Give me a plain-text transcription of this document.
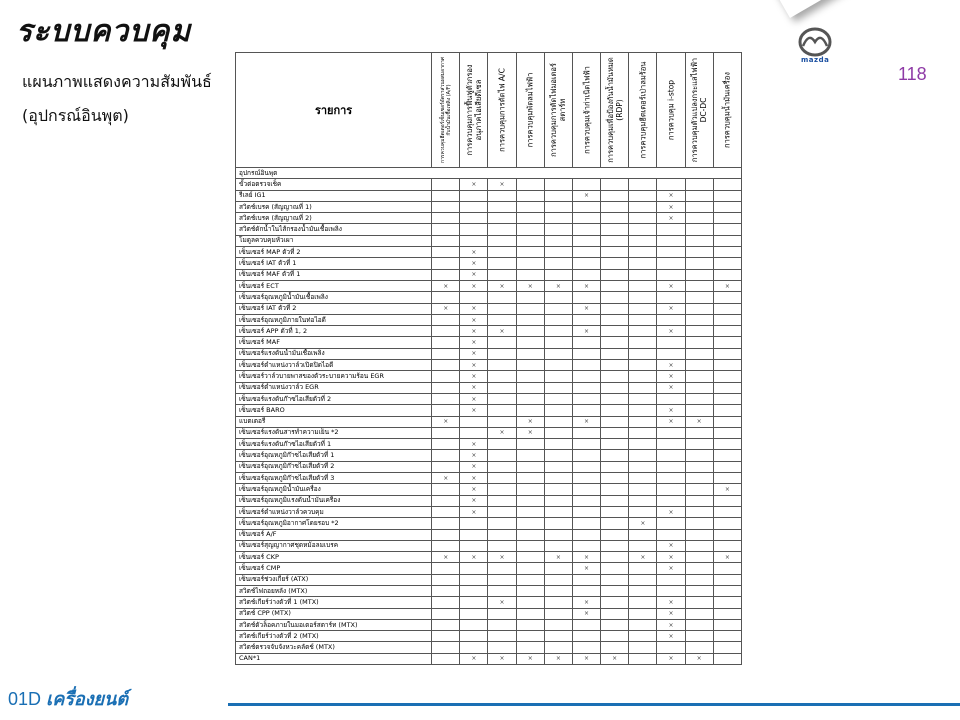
mazda
118
ระบบควบคุม
แผนภาพแสดงความสัมพันธ์
(อุปกรณ์อินพุต)	รายการ	การควบคุมฮีตเตอร์เซ็นเซอร์อัตราส่วนผสมอากาศกับน้ำมันเชื้อเพลิง (A/F)	การควบคุมการฟื้นฟูตัวกรองอนุภาคไอเสียดีเซล	การควบคุมการตัดไฟ A/C	การควบคุมพัดลมไฟฟ้า	การควบคุมการตัดไฟมอเตอร์สตาร์ท	การควบคุมเจ้าก่าเนิดไฟฟ้า	การควบคุมเพื่อป้องกันน้ำมันหมด (RDP)	การควบคุมฮีตเตอร์เป่าลมร้อน	การควบคุม i-stop	การควบคุมตัวแปลงกระแสไฟฟ้า DC-DC	การควบคุมน้ำมันเครื่อง

อุปกรณ์อินพุต											
ขั้วต่อตรวจเช็ค		×	×								
รีเลย์ IG1						×			×		
สวิตช์เบรค (สัญญาณที่ 1)									×		
สวิตช์เบรค (สัญญาณที่ 2)									×		
สวิตช์ดักน้ำในไส้กรองน้ำมันเชื้อเพลิง											
โมดูลควบคุมหัวเผา											
เซ็นเซอร์ MAP ตัวที่ 2		×									
เซ็นเซอร์ IAT ตัวที่ 1		×									
เซ็นเซอร์ MAF ตัวที่ 1		×									
เซ็นเซอร์ ECT	×	×	×	×	×	×			×		×
เซ็นเซอร์อุณหภูมิน้ำมันเชื้อเพลิง											
เซ็นเซอร์ IAT ตัวที่ 2	×	×				×			×		
เซ็นเซอร์อุณหภูมิภายในท่อไอดี		×									
เซ็นเซอร์ APP ตัวที่ 1, 2		×	×			×			×		
เซ็นเซอร์ MAF		×									
เซ็นเซอร์แรงดันน้ำมันเชื้อเพลิง		×									
เซ็นเซอร์ตำแหน่งวาล์วเปิดปิดไอดี		×							×		
เซ็นเซอร์วาล์วบายพาสของตัวระบายความร้อน EGR		×							×		
เซ็นเซอร์ตำแหน่งวาล์ว EGR		×							×		
เซ็นเซอร์แรงดันก๊าซไอเสียตัวที่ 2		×									
เซ็นเซอร์ BARO		×							×		
แบตเตอรี่	×			×		×			×	×	
เซ็นเซอร์แรงดันสารทำความเย็น *2			×	×							
เซ็นเซอร์แรงดันก๊าซไอเสียตัวที่ 1		×									
เซ็นเซอร์อุณหภูมิก๊าซไอเสียตัวที่ 1		×									
เซ็นเซอร์อุณหภูมิก๊าซไอเสียตัวที่ 2		×									
เซ็นเซอร์อุณหภูมิก๊าซไอเสียตัวที่ 3	×	×									
เซ็นเซอร์อุณหภูมิน้ำมันเครื่อง		×									×
เซ็นเซอร์อุณหภูมิแรงดันน้ำมันเครื่อง		×									
เซ็นเซอร์ตำแหน่งวาล์วควบคุม		×							×		
เซ็นเซอร์อุณหภูมิอากาศโดยรอบ *2								×			
เซ็นเซอร์ A/F											
เซ็นเซอร์สุญญากาศชุดหม้อลมเบรค									×		
เซ็นเซอร์ CKP	×	×	×		×	×		×	×		×
เซ็นเซอร์ CMP						×			×		
เซ็นเซอร์ช่วงเกียร์ (ATX)											
สวิตช์ไฟถอยหลัง (MTX)											
สวิตช์เกียร์ว่างตัวที่ 1 (MTX)			×			×			×		
สวิตช์ CPP (MTX)						×			×		
สวิตช์ตัวล็อคภายในมอเตอร์สตาร์ท (MTX)									×		
สวิตช์เกียร์ว่างตัวที่ 2 (MTX)									×		
สวิตช์ตรวจจับจังหวะคลัตช์ (MTX)											
CAN*1		×	×	×	×	×	×		×	×	
01D เครื่องยนต์
